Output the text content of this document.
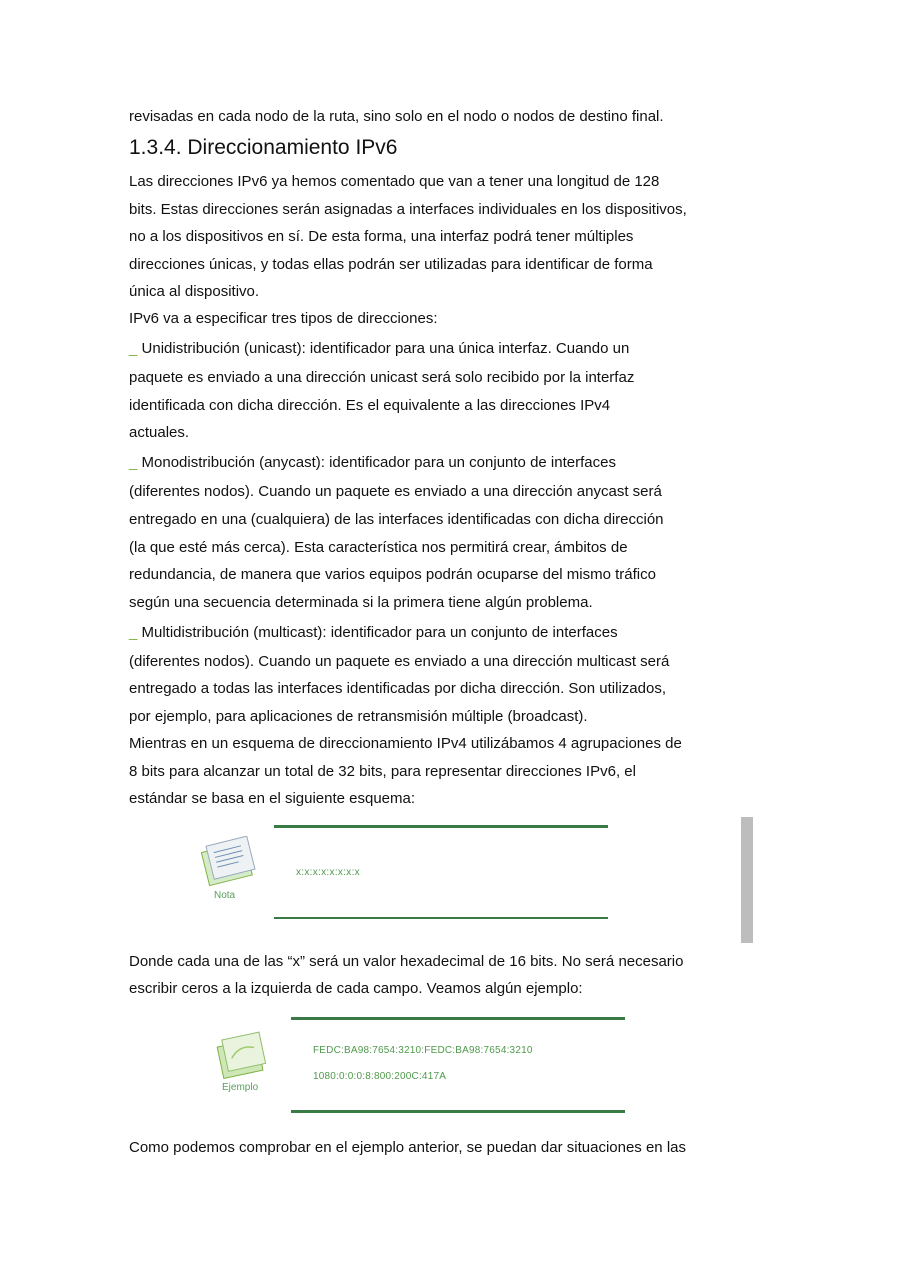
revisadas en cada nodo de la ruta, sino solo en el nodo o nodos de destino final.

1.3.4. Direccionamiento IPv6

Las direcciones IPv6 ya hemos comentado que van a tener una longitud de 128

bits. Estas direcciones serán asignadas a interfaces individuales en los dispositivos,

no a los dispositivos en sí. De esta forma, una interfaz podrá tener múltiples

direcciones únicas, y todas ellas podrán ser utilizadas para identificar de forma

única al dispositivo.

IPv6 va a especificar tres tipos de direcciones:

_ Unidistribución (unicast): identificador para una única interfaz. Cuando un

paquete es enviado a una dirección unicast será solo recibido por la interfaz

identificada con dicha dirección. Es el equivalente a las direcciones IPv4

actuales.

_ Monodistribución (anycast): identificador para un conjunto de interfaces

(diferentes nodos). Cuando un paquete es enviado a una dirección anycast será

entregado en una (cualquiera) de las interfaces identificadas con dicha dirección

(la que esté más cerca). Esta característica nos permitirá crear, ámbitos de

redundancia, de manera que varios equipos podrán ocuparse del mismo tráfico

según una secuencia determinada si la primera tiene algún problema.

_ Multidistribución (multicast): identificador para un conjunto de interfaces

(diferentes nodos). Cuando un paquete es enviado a una dirección multicast será

entregado a todas las interfaces identificadas por dicha dirección. Son utilizados,

por ejemplo, para aplicaciones de retransmisión múltiple (broadcast).

Mientras en un esquema de direccionamiento IPv4 utilizábamos 4 agrupaciones de

8 bits para alcanzar un total de 32 bits, para representar direcciones IPv6, el

estándar se basa en el siguiente esquema:

Nota
x:x:x:x:x:x:x:x

Donde cada una de las “x” será un valor hexadecimal de 16 bits. No será necesario

escribir ceros a la izquierda de cada campo. Veamos algún ejemplo:

Ejemplo
FEDC:BA98:7654:3210:FEDC:BA98:7654:3210
1080:0:0:0:8:800:200C:417A

Como podemos comprobar en el ejemplo anterior, se puedan dar situaciones en las
